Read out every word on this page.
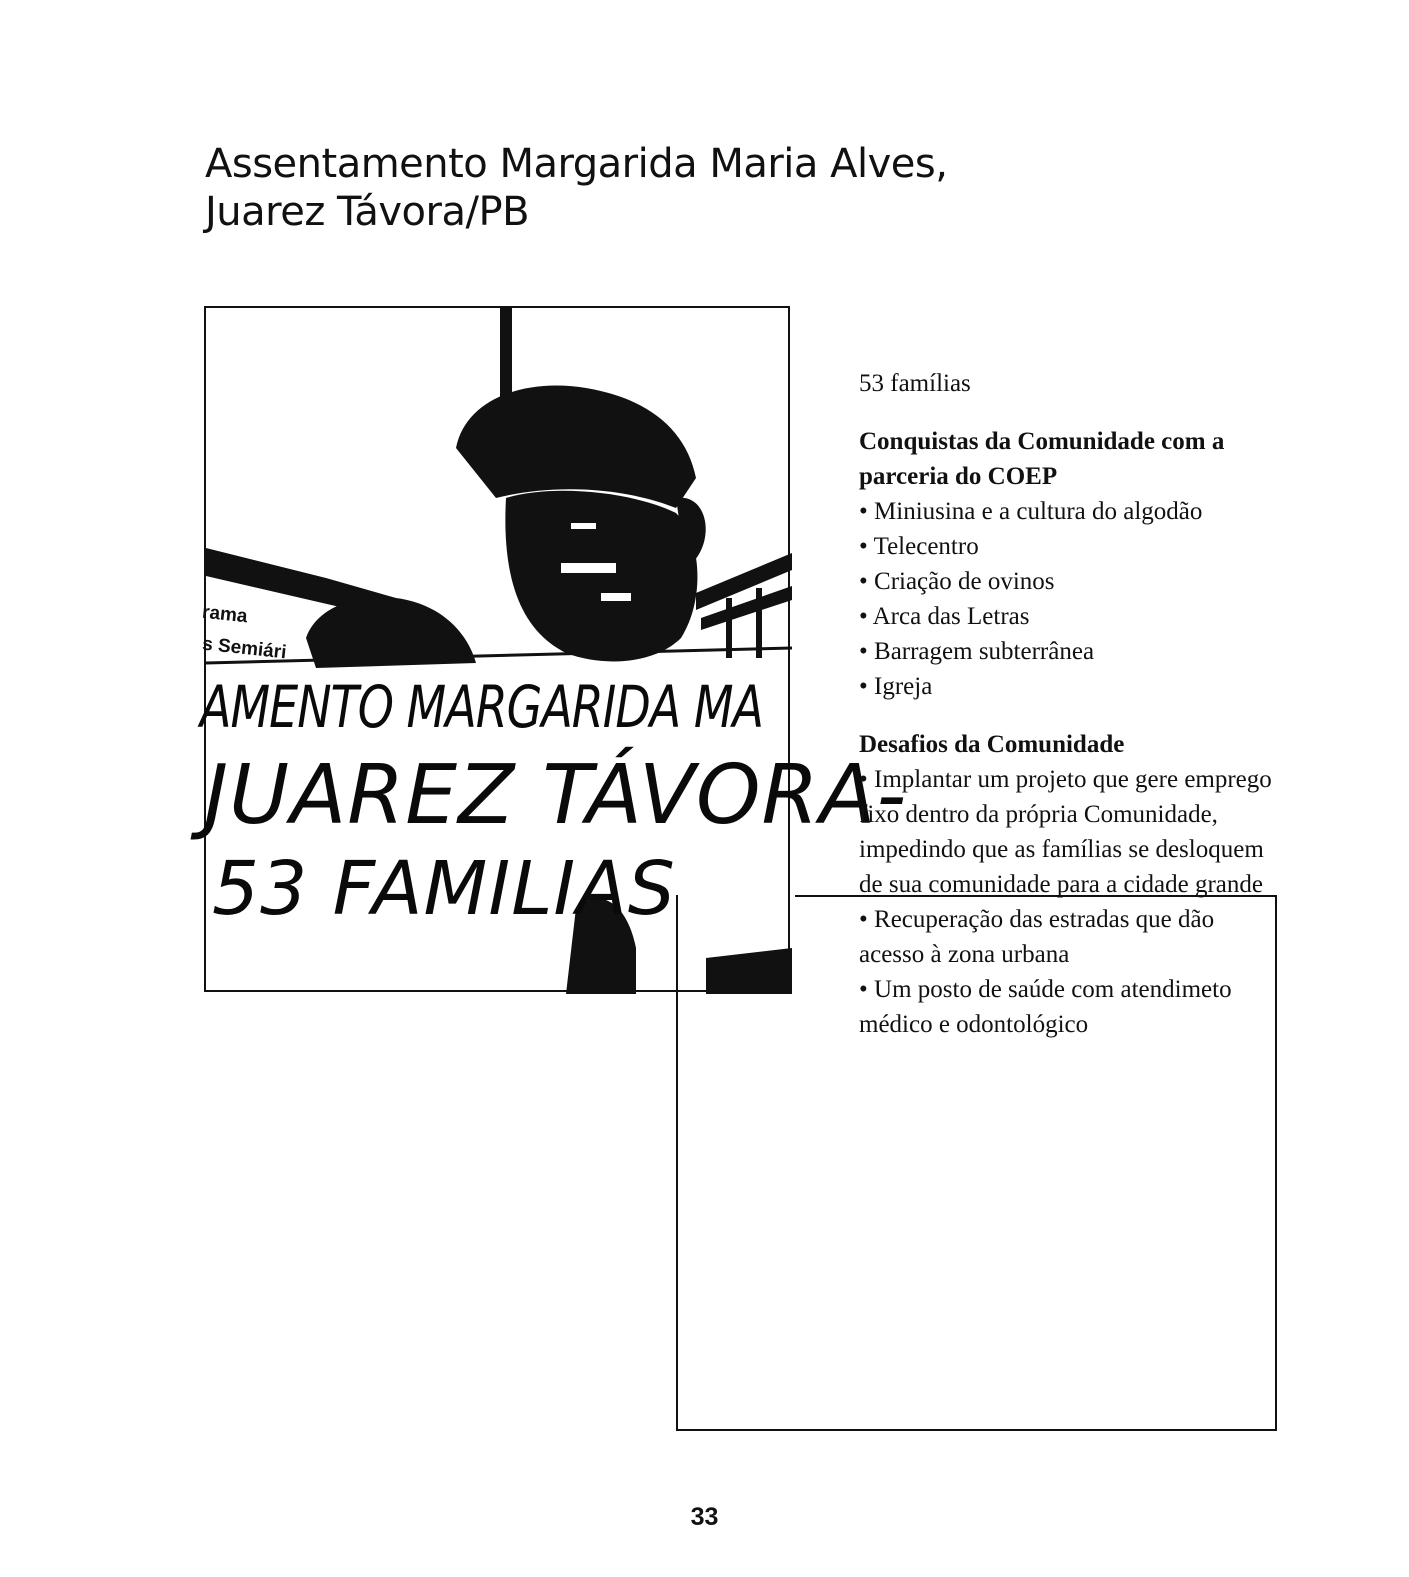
Assentamento Margarida Maria Alves,
Juarez Távora/PB
rama
s Semiári
AMENTO MARGARIDA MA
JUAREZ TÁVORA-
53 FAMILIAS

53 famílias

Conquistas da Comunidade com a parceria do COEP
• Miniusina e a cultura do algodão
• Telecentro
• Criação de ovinos
• Arca das Letras
• Barragem subterrânea
• Igreja
Desafios da Comunidade
• Implantar um projeto que gere emprego fixo dentro da própria Comunidade, impedindo que as famílias se desloquem de sua comunidade para a cidade grande
• Recuperação das estradas que dão acesso à zona urbana
• Um posto de saúde com atendimeto médico e odontológico
33
